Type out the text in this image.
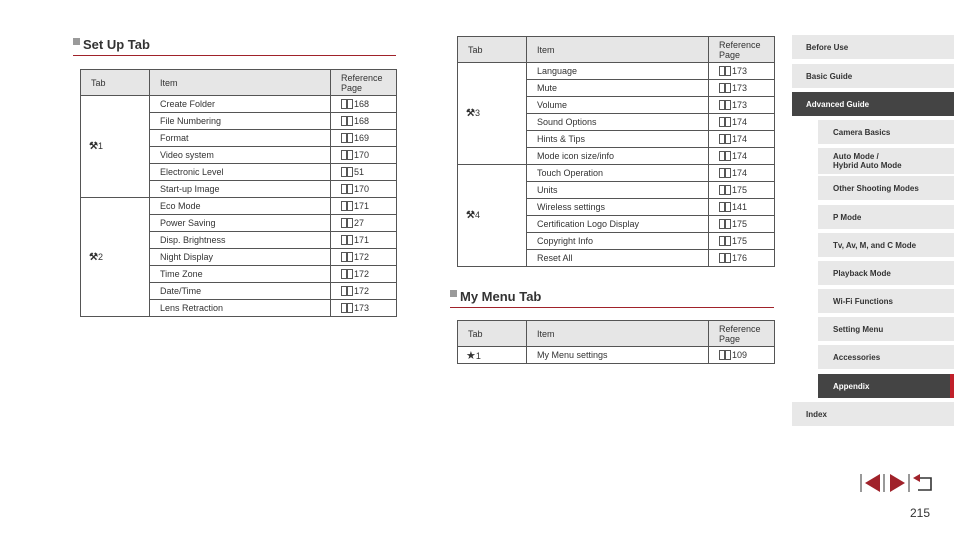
Set Up Tab
Tab	Item	Reference Page
⚒1	Create Folder	168
	File Numbering	168
	Format	169
	Video system	170
	Electronic Level	51
	Start-up Image	170
⚒2	Eco Mode	171
	Power Saving	27
	Disp. Brightness	171
	Night Display	172
	Time Zone	172
	Date/Time	172
	Lens Retraction	173
Tab	Item	Reference Page
⚒3	Language	173
	Mute	173
	Volume	173
	Sound Options	174
	Hints & Tips	174
	Mode icon size/info	174
⚒4	Touch Operation	174
	Units	175
	Wireless settings	141
	Certification Logo Display	175
	Copyright Info	175
	Reset All	176
My Menu Tab
Tab	Item	Reference Page
★1	My Menu settings	109
Before Use
Basic Guide
Advanced Guide
Camera Basics
Auto Mode /
Hybrid Auto Mode
Other Shooting Modes
P Mode
Tv, Av, M, and C Mode
Playback Mode
Wi-Fi Functions
Setting Menu
Accessories
Appendix
Index
215
